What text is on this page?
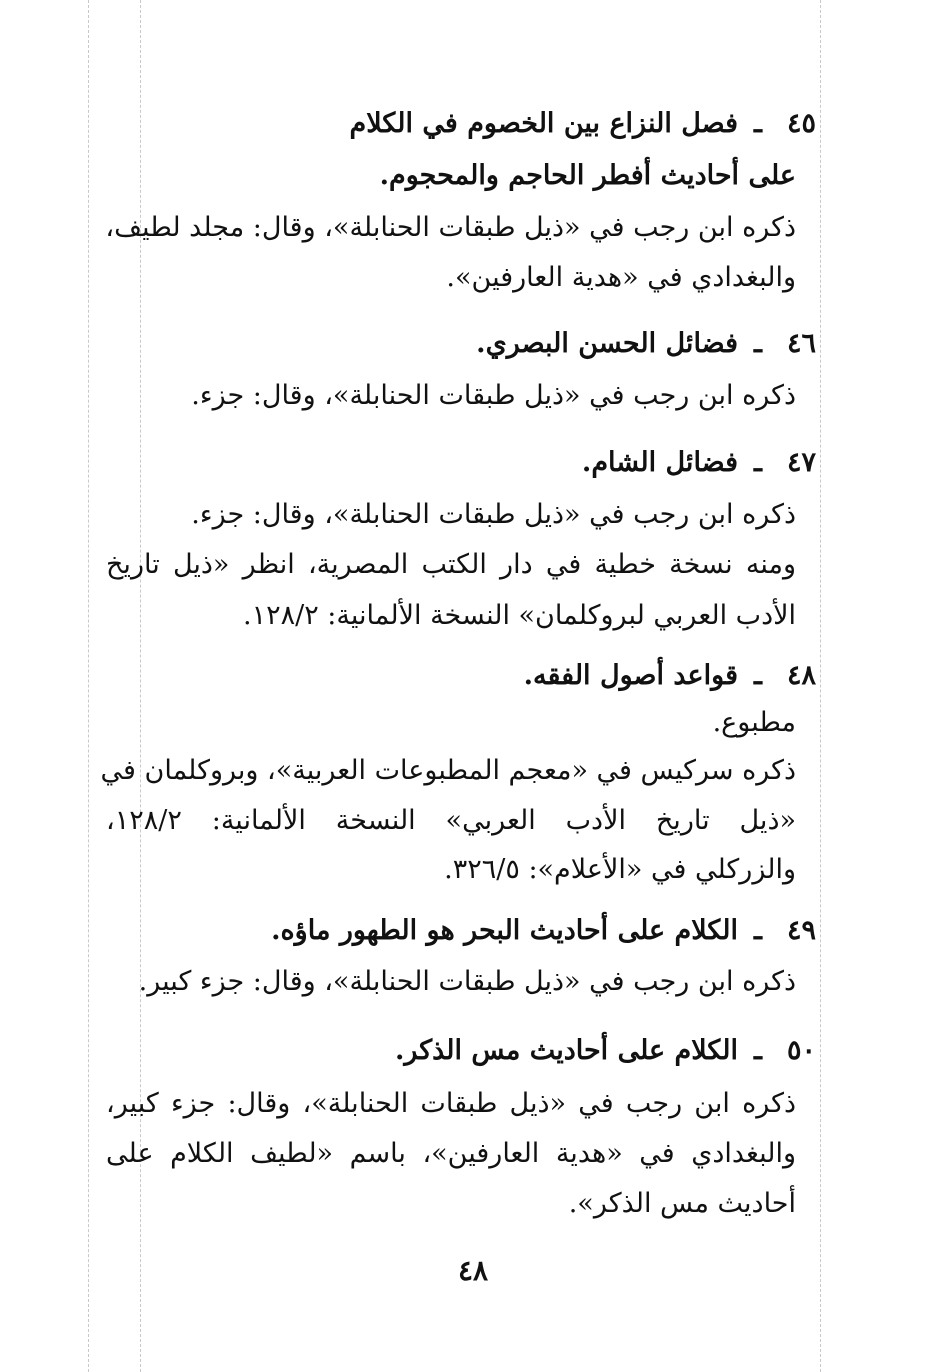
٤٥ـفصل النزاع بين الخصوم في الكلام
على أحاديث أفطر الحاجم والمحجوم.
ذكره ابن رجب في «ذيل طبقات الحنابلة»، وقال: مجلد لطيف،
والبغدادي في «هدية العارفين».
٤٦ـفضائل الحسن البصري.
ذكره ابن رجب في «ذيل طبقات الحنابلة»، وقال: جزء.
٤٧ـفضائل الشام.
ذكره ابن رجب في «ذيل طبقات الحنابلة»، وقال: جزء.
ومنه نسخة خطية في دار الكتب المصرية، انظر «ذيل تاريخ
الأدب العربي لبروكلمان» النسخة الألمانية: ١٢٨/٢.
٤٨ـقواعد أصول الفقه.
مطبوع.
ذكره سركيس في «معجم المطبوعات العربية»، وبروكلمان في
«ذيل تاريخ الأدب العربي» النسخة الألمانية: ١٢٨/٢،
والزركلي في «الأعلام»: ٣٢٦/٥.
٤٩ـالكلام على أحاديث البحر هو الطهور ماؤه.
ذكره ابن رجب في «ذيل طبقات الحنابلة»، وقال: جزء كبير.
٥٠ـالكلام على أحاديث مس الذكر.
ذكره ابن رجب في «ذيل طبقات الحنابلة»، وقال: جزء كبير،
والبغدادي في «هدية العارفين»، باسم «لطيف الكلام على
أحاديث مس الذكر».
٤٨
